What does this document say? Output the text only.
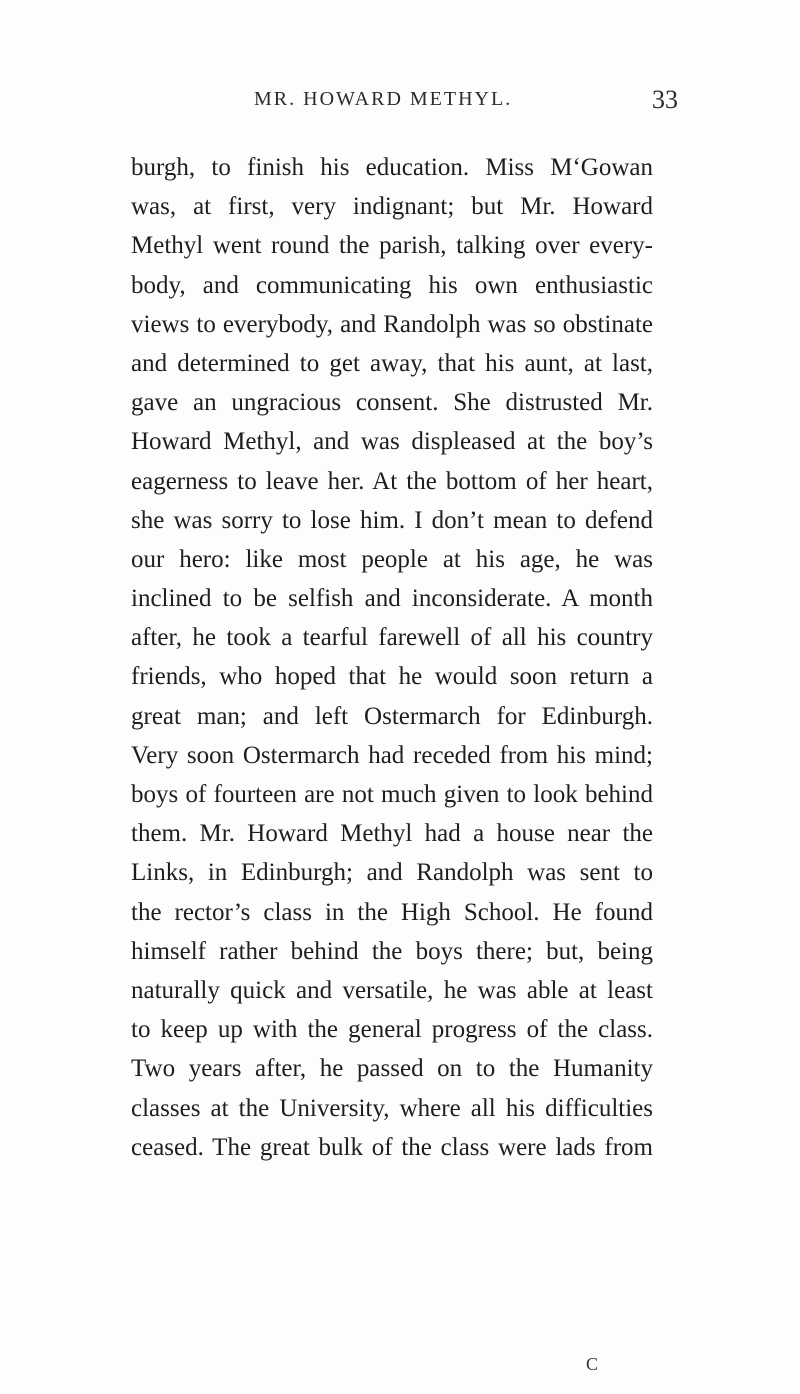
MR. HOWARD METHYL.	33
burgh, to finish his education. Miss M‘Gowan
was, at first, very indignant; but Mr. Howard
Methyl went round the parish, talking over every-
body, and communicating his own enthusiastic
views to everybody, and Randolph was so obstinate
and determined to get away, that his aunt, at last,
gave an ungracious consent. She distrusted Mr.
Howard Methyl, and was displeased at the boy’s
eagerness to leave her. At the bottom of her heart,
she was sorry to lose him. I don’t mean to defend
our hero: like most people at his age, he was
inclined to be selfish and inconsiderate. A month
after, he took a tearful farewell of all his country
friends, who hoped that he would soon return a
great man; and left Ostermarch for Edinburgh.
Very soon Ostermarch had receded from his mind;
boys of fourteen are not much given to look behind
them. Mr. Howard Methyl had a house near the
Links, in Edinburgh; and Randolph was sent to
the rector’s class in the High School. He found
himself rather behind the boys there; but, being
naturally quick and versatile, he was able at least
to keep up with the general progress of the class.
Two years after, he passed on to the Humanity
classes at the University, where all his difficulties
ceased. The great bulk of the class were lads from
C
